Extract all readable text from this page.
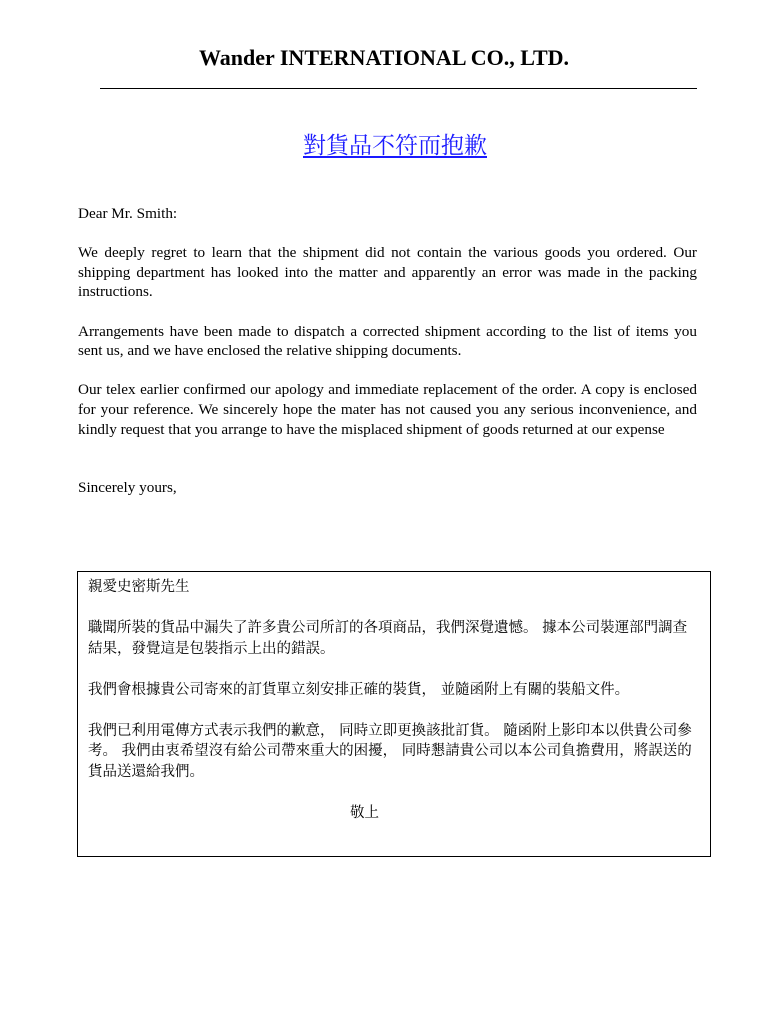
Wander INTERNATIONAL CO., LTD.
對貨品不符而抱歉

Dear Mr. Smith:

We deeply regret to learn that the shipment did not contain the various goods you ordered. Our shipping department has looked into the matter and apparently an error was made in the packing instructions.

Arrangements have been made to dispatch a corrected shipment according to the list of items you sent us, and we have enclosed the relative shipping documents.

Our telex earlier confirmed our apology and immediate replacement of the order. A copy is enclosed for your reference. We sincerely hope the mater has not caused you any serious inconvenience, and kindly request that you arrange to have the misplaced shipment of goods returned at our expense

Sincerely yours,

親愛史密斯先生

職聞所裝的貨品中漏失了許多貴公司所訂的各項商品，我們深覺遺憾。 據本公司裝運部門調查結果，發覺這是包裝指示上出的錯誤。

我們會根據貴公司寄來的訂貨單立刻安排正確的裝貨， 並隨函附上有關的裝船文件。

我們已利用電傳方式表示我們的歉意， 同時立即更換該批訂貨。 隨函附上影印本以供貴公司參考。 我們由衷希望沒有給公司帶來重大的困擾， 同時懇請貴公司以本公司負擔費用，將誤送的貨品送還給我們。

敬上
